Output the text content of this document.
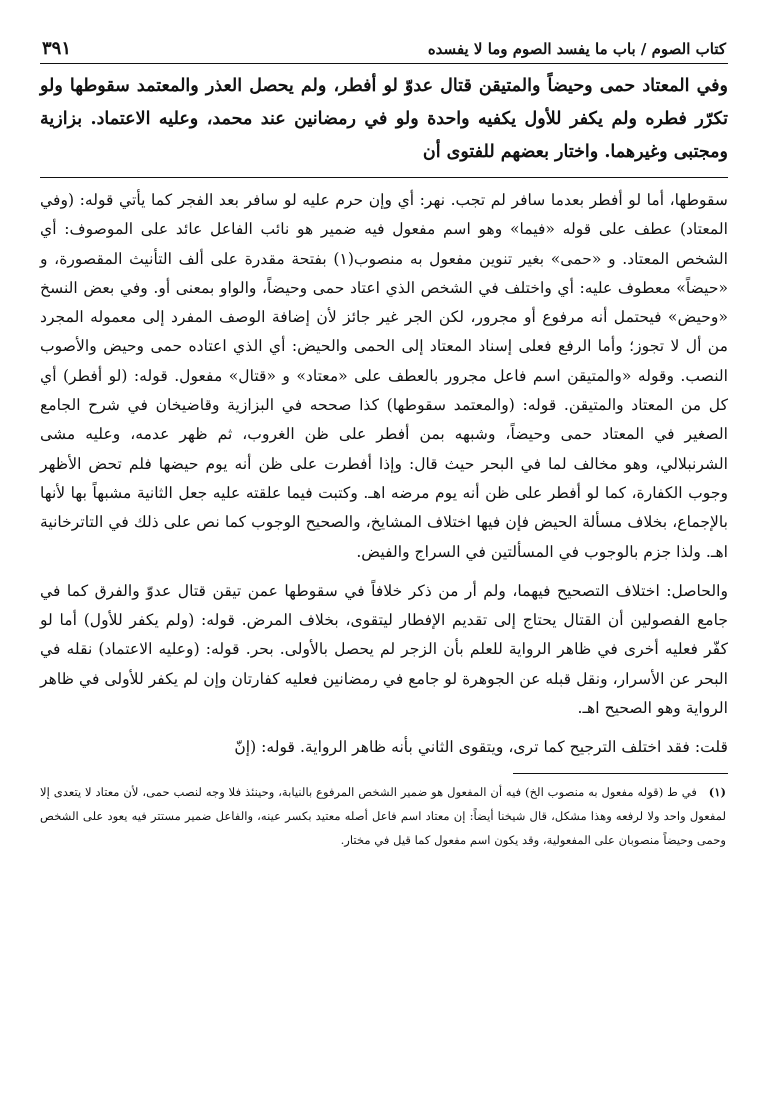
كتاب الصوم / باب ما يفسد الصوم وما لا يفسده
٣٩١
وفي المعتاد حمى وحيضاً والمتيقن قتال عدوّ لو أفطر، ولم يحصل العذر والمعتمد سقوطها ولو تكرّر فطره ولم يكفر للأول يكفيه واحدة ولو في رمضانين عند محمد، وعليه الاعتماد. بزازية ومجتبى وغيرهما. واختار بعضهم للفتوى أن

سقوطها، أما لو أفطر بعدما سافر لم تجب. نهر: أي وإن حرم عليه لو سافر بعد الفجر كما يأتي قوله: (وفي المعتاد) عطف على قوله «فيما» وهو اسم مفعول فيه ضمير هو نائب الفاعل عائد على الموصوف: أي الشخص المعتاد. و «حمى» بغير تنوين مفعول به منصوب(١) بفتحة مقدرة على ألف التأنيث المقصورة، و «حيضاً» معطوف عليه: أي واختلف في الشخص الذي اعتاد حمى وحيضاً، والواو بمعنى أو. وفي بعض النسخ «وحيض» فيحتمل أنه مرفوع أو مجرور، لكن الجر غير جائز لأن إضافة الوصف المفرد إلى معموله المجرد من أل لا تجوز؛ وأما الرفع فعلى إسناد المعتاد إلى الحمى والحيض: أي الذي اعتاده حمى وحيض والأصوب النصب. وقوله «والمتيقن اسم فاعل مجرور بالعطف على «معتاد» و «قتال» مفعول. قوله: (لو أفطر) أي كل من المعتاد والمتيقن. قوله: (والمعتمد سقوطها) كذا صححه في البزازية وقاضيخان في شرح الجامع الصغير في المعتاد حمى وحيضاً، وشبهه بمن أفطر على ظن الغروب، ثم ظهر عدمه، وعليه مشى الشرنبلالي، وهو مخالف لما في البحر حيث قال: وإذا أفطرت على ظن أنه يوم حيضها فلم تحض الأظهر وجوب الكفارة، كما لو أفطر على ظن أنه يوم مرضه اهـ. وكتبت فيما علقته عليه جعل الثانية مشبهاً بها لأنها بالإجماع، بخلاف مسألة الحيض فإن فيها اختلاف المشايخ، والصحيح الوجوب كما نص على ذلك في التاترخانية اهـ. ولذا جزم بالوجوب في المسألتين في السراج والفيض.

والحاصل: اختلاف التصحيح فيهما، ولم أر من ذكر خلافاً في سقوطها عمن تيقن قتال عدوّ والفرق كما في جامع الفصولين أن القتال يحتاج إلى تقديم الإفطار ليتقوى، بخلاف المرض. قوله: (ولم يكفر للأول) أما لو كفّر فعليه أخرى في ظاهر الرواية للعلم بأن الزجر لم يحصل بالأولى. بحر. قوله: (وعليه الاعتماد) نقله في البحر عن الأسرار، ونقل قبله عن الجوهرة لو جامع في رمضانين فعليه كفارتان وإن لم يكفر للأولى في ظاهر الرواية وهو الصحيح اهـ.

قلت: فقد اختلف الترجيح كما ترى، ويتقوى الثاني بأنه ظاهر الرواية. قوله: (إنّ

(١) في ط (قوله مفعول به منصوب الخ) فيه أن المفعول هو ضمير الشخص المرفوع بالنيابة، وحينئذ فلا وجه لنصب حمى، لأن معتاد لا يتعدى إلا لمفعول واحد ولا لرفعه وهذا مشكل، قال شيخنا أيضاً: إن معتاد اسم فاعل أصله معتيد بكسر عينه، والفاعل ضمير مستتر فيه يعود على الشخص وحمى وحيضاً منصوبان على المفعولية، وقد يكون اسم مفعول كما قيل في مختار.
